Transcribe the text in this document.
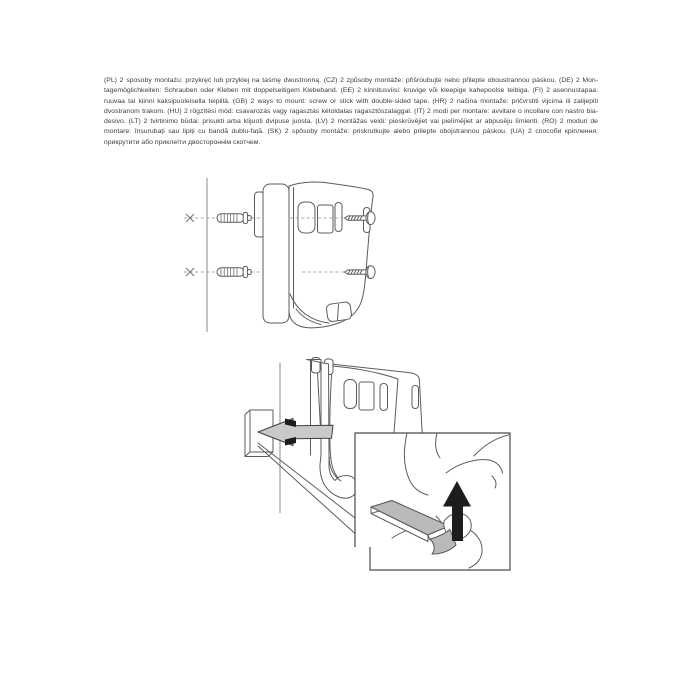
(PL) 2 sposoby montażu: przykręć lub przyklej na taśmę dwustronną. (CZ) 2 způsoby montáže: přišroubujte nebo přilepte oboustrannou páskou. (DE) 2 Mon-
tagemöglichkeiten: Schrauben oder Kleben mit doppelseitigem Klebeband. (EE) 2 kinnitusviisi: kruvige või kleepige kahepoolse teibiga. (FI) 2 asennustapaa:
ruuvaa tai kiinni kaksipuoleisella teipillä. (GB) 2 ways to mount: screw or stick with double-sided tape. (HR) 2 načina montaže: pričvrstiti vijcima ili zalijepiti
dvostranom trakom. (HU) 2 rögzítési mód: csavarozás vagy ragasztás kétoldalas ragasztószalaggal. (IT) 2 modi per montare: avvitare o incollare con nastro bia-
desivo. (LT) 2 tvirtinimo būdai: prisukti arba klijuoti dvipuse juosta. (LV) 2 montāžas veidi: pieskrūvējiet vai pielīmējiet ar abpusēju līmlenti. (RO) 2 moduri de
montare: înșurubați sau lipiți cu bandă dublu-față. (SK) 2 spôsoby montáže: priskrutkujte alebo prilepte obojstrannou páskou. (UA) 2 способи кріплення:
прикрутити або приклеїти двостороннім скотчем.
